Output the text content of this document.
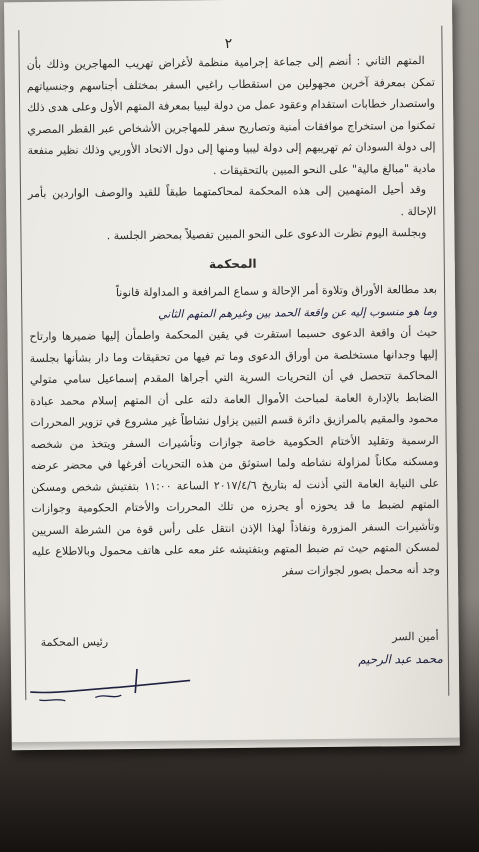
٢

المتهم الثاني : أنضم إلى جماعة إجرامية منظمة لأغراض تهريب المهاجرين وذلك بأن تمكن بمعرفة آخرين مجهولين من استقطاب راغبي السفر بمختلف أجناسهم وجنسياتهم واستصدار خطابات استقدام وعقود عمل من دولة ليبيا بمعرفة المتهم الأول وعلى هدى ذلك تمكنوا من استخراج موافقات أمنية وتصاريح سفر للمهاجرين الأشخاص عبر القطر المصري إلى دولة السودان ثم تهريبهم إلى دولة ليبيا ومنها إلى دول الاتحاد الأوربي وذلك نظير منفعة مادية "مبالغ مالية" على النحو المبين بالتحقيقات .

وقد أحيل المتهمين إلى هذه المحكمة لمحاكمتهما طبقاً للقيد والوصف الواردين بأمر الإحالة .

وبجلسة اليوم نظرت الدعوى على النحو المبين تفصيلاً بمحضر الجلسة .

المحكمة

بعد مطالعة الأوراق وتلاوة أمر الإحالة و سماع المرافعة و المداولة قانوناً

وما هو منسوب إليه عن واقعة الحمد بين وغيرهم المتهم الثاني

حيث أن واقعة الدعوى حسبما استقرت في يقين المحكمة واطمأن إليها ضميرها وارتاح إليها وجدانها مستخلصة من أوراق الدعوى وما تم فيها من تحقيقات وما دار بشأنها بجلسة المحاكمة تتحصل في أن التحريات السرية التي أجراها المقدم إسماعيل سامي متولي الضابط بالإدارة العامة لمباحث الأموال العامة دلته على أن المتهم إسلام محمد عبادة محمود والمقيم بالمرازيق دائرة قسم التبين يزاول نشاطاً غير مشروع في تزوير المحررات الرسمية وتقليد الأختام الحكومية خاصة جوازات وتأشيرات السفر ويتخذ من شخصه ومسكنه مكاناً لمزاولة نشاطه ولما استوثق من هذه التحريات أفرغها في محضر عرضه على النيابة العامة التي أذنت له بتاريخ ٢٠١٧/٤/٦ الساعة ١١:٠٠ بتفتيش شخص ومسكن المتهم لضبط ما قد يحوزه أو يحرزه من تلك المحررات والأختام الحكومية وجوازات وتأشيرات السفر المزورة ونفاذاً لهذا الإذن انتقل على رأس قوة من الشرطة السريين لمسكن المتهم حيث تم ضبط المتهم وبتفتيشه عثر معه على هاتف محمول وبالاطلاع عليه وجد أنه محمل بصور لجوازات سفر

أمين السر
محمد عبد الرحيم
رئيس المحكمة
